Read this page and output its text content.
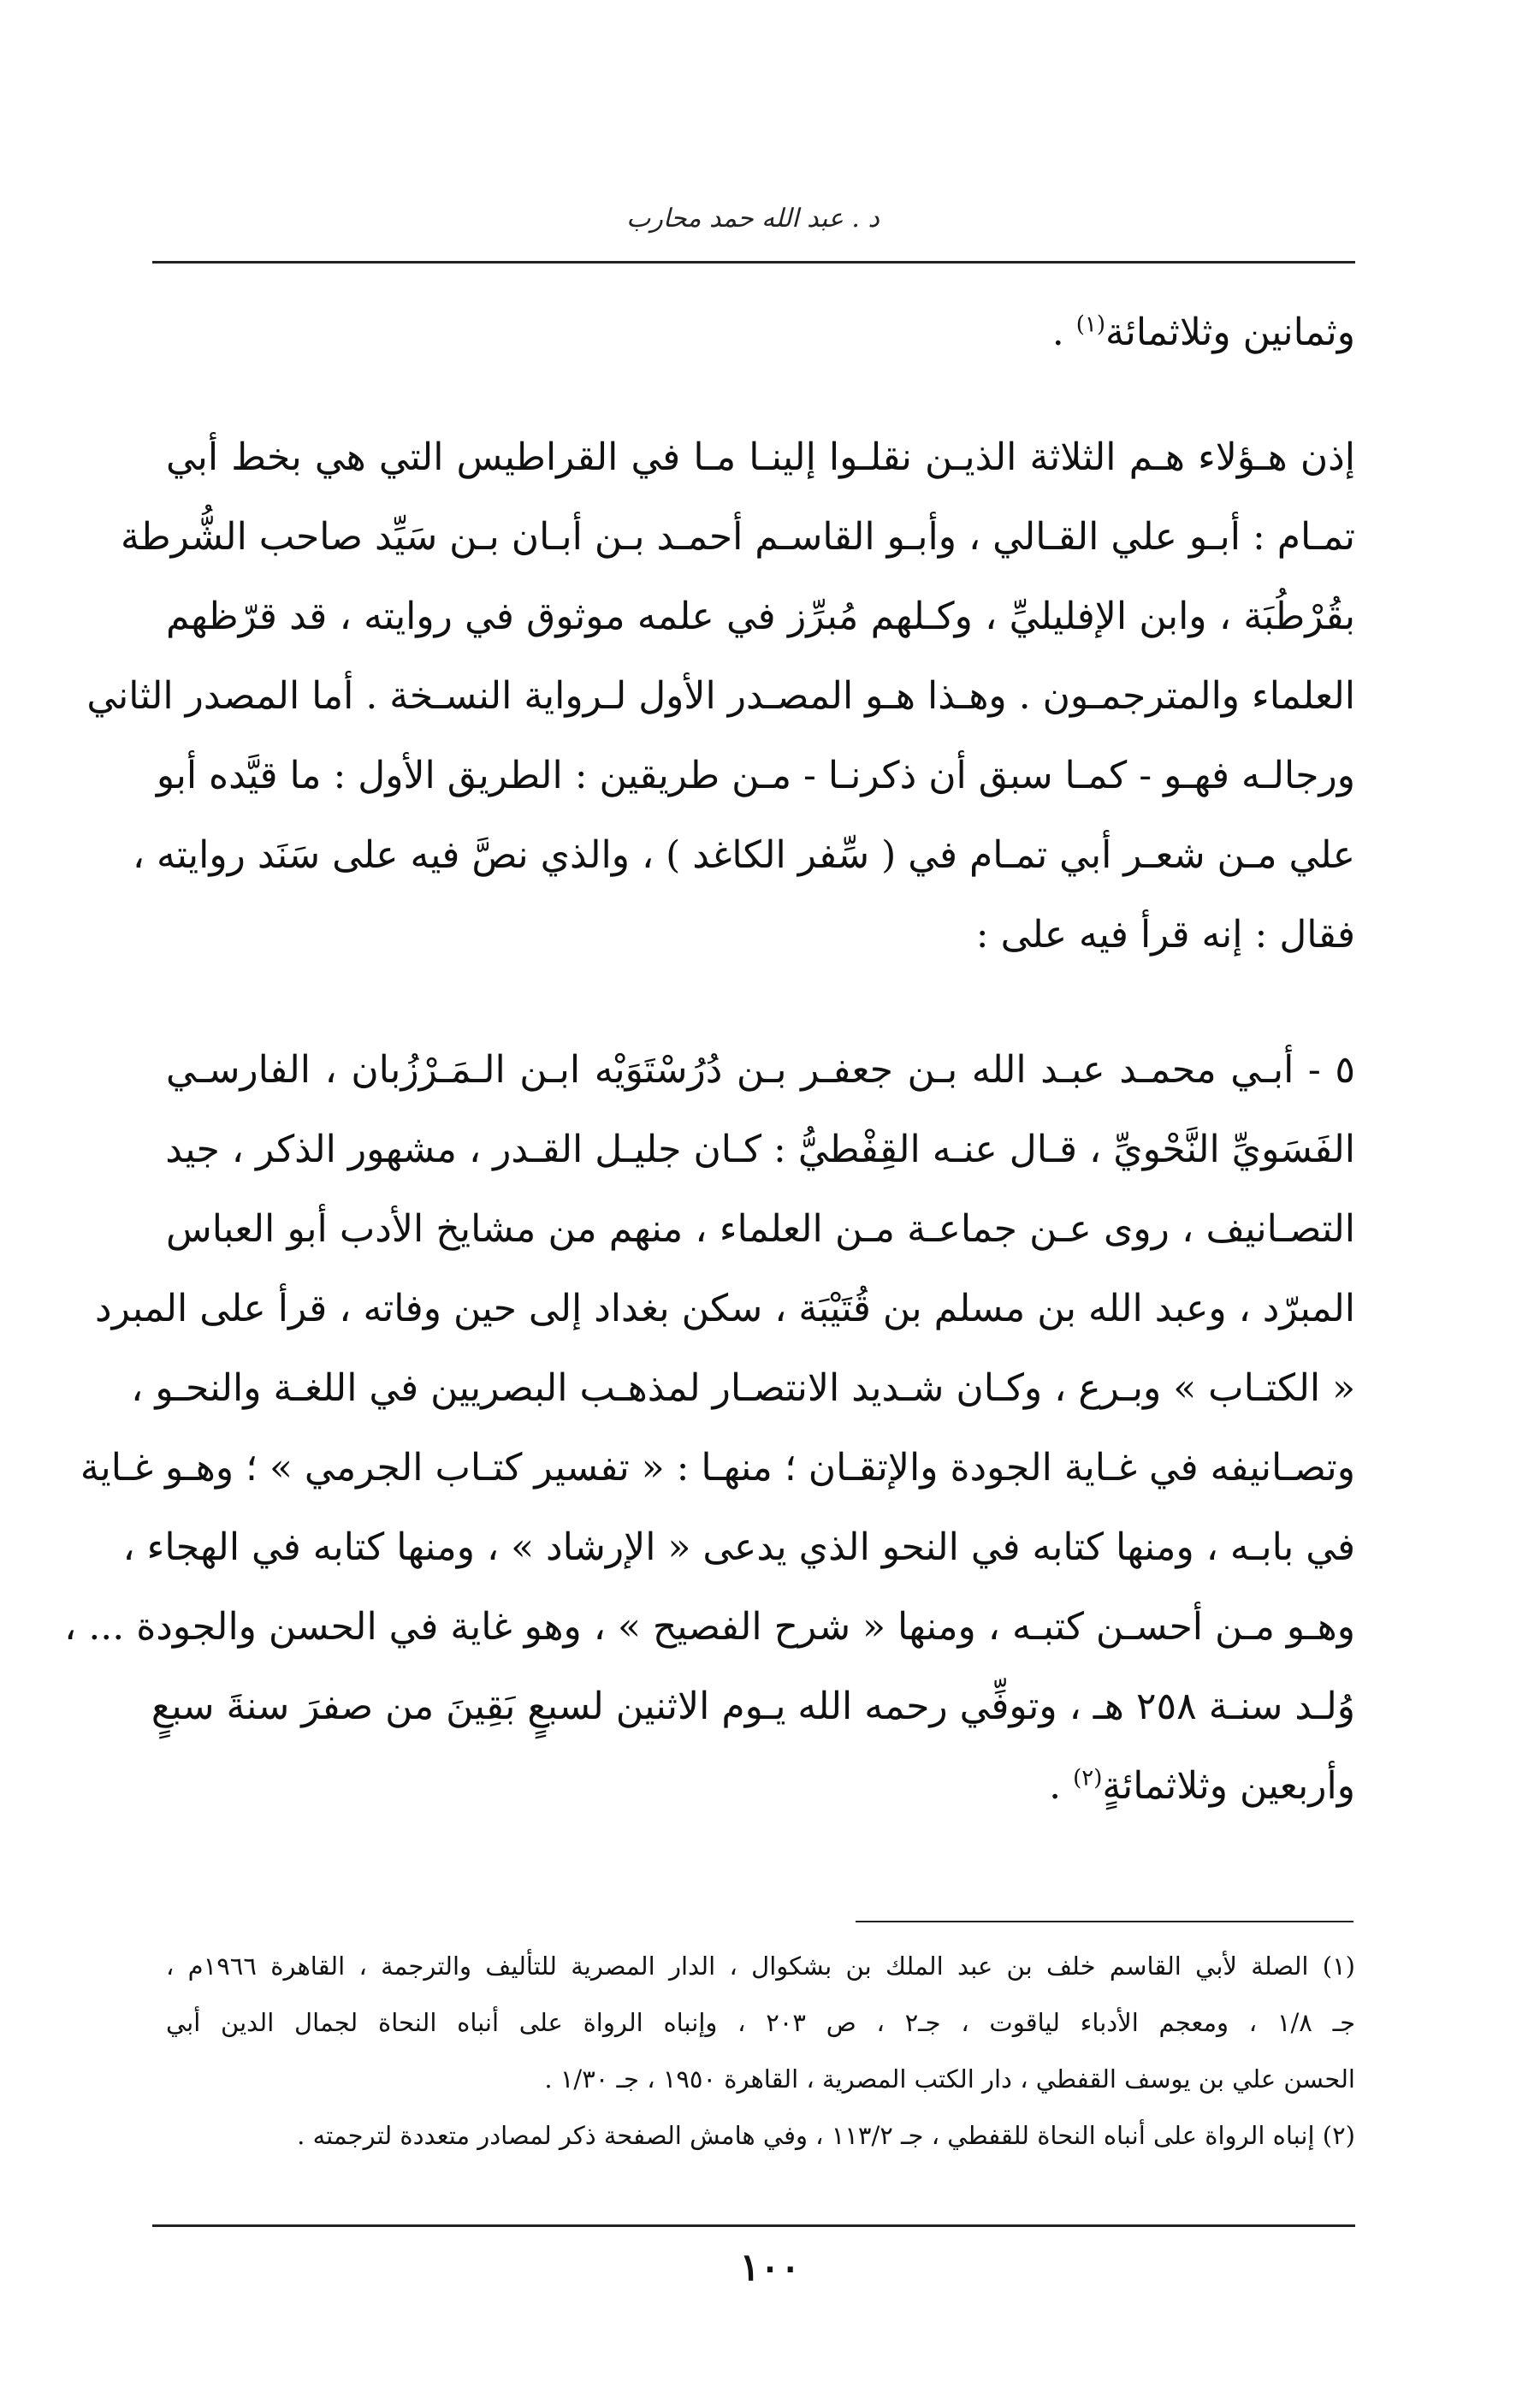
د . عبد الله حمد محارب
وثمانين وثلاثمائة$^{(١)}$ .
إذن هـؤلاء هـم الثلاثة الذيـن نقلـوا إلينـا مـا في القراطيس التي هي بخط أبي
تمـام : أبـو علي القـالي ، وأبـو القاسـم أحمـد بـن أبـان بـن سَيِّد صاحب الشُّرطة
بقُرْطُبَة ، وابن الإفليليِّ ، وكـلهم مُبرِّز في علمه موثوق في روايته ، قد قرّظهم
العلماء والمترجمـون . وهـذا هـو المصـدر الأول لـرواية النسـخة . أما المصدر الثاني
ورجالـه فهـو - كمـا سبق أن ذكرنـا - مـن طريقين : الطريق الأول : ما قيَّده أبو
علي مـن شعـر أبي تمـام في ( سِّفر الكاغد ) ، والذي نصَّ فيه على سَنَد روايته ،
فقال : إنه قرأ فيه على :
٥ - أبـي محمـد عبـد الله بـن جعفـر بـن دُرُسْتَوَيْه ابـن الـمَـرْزُبان ، الفارسـي
الفَسَويِّ النَّحْويِّ ، قـال عنـه القِفْطيُّ : كـان جليـل القـدر ، مشهور الذكر ، جيد
التصـانيف ، روى عـن جماعـة مـن العلماء ، منهم من مشايخ الأدب أبو العباس
المبرّد ، وعبد الله بن مسلم بن قُتَيْبَة ، سكن بغداد إلى حين وفاته ، قرأ على المبرد
« الكتـاب » وبـرع ، وكـان شـديد الانتصـار لمذهـب البصريين في اللغـة والنحـو ،
وتصـانيفه في غـاية الجودة والإتقـان ؛ منهـا : « تفسير كتـاب الجرمي » ؛ وهـو غـاية
في بابـه ، ومنها كتابه في النحو الذي يدعى « الإرشاد » ، ومنها كتابه في الهجاء ،
وهـو مـن أحسـن كتبـه ، ومنها « شرح الفصيح » ، وهو غاية في الحسن والجودة ... ،
وُلـد سنـة ٢٥٨ هـ ، وتوفِّي رحمه الله يـوم الاثنين لسبعٍ بَقِينَ من صفرَ سنةَ سبعٍ
وأربعين وثلاثمائةٍ$^{(٢)}$ .
(١) الصلة لأبي القاسم خلف بن عبد الملك بن بشكوال ، الدار المصرية للتأليف والترجمة ، القاهرة ١٩٦٦م ،
جـ ١/٨ ، ومعجم الأدباء لياقوت ، جـ٢ ، ص ٢٠٣ ، وإنباه الرواة على أنباه النحاة لجمال الدين أبي
الحسن علي بن يوسف القفطي ، دار الكتب المصرية ، القاهرة ١٩٥٠ ، جـ ١/٣٠ .
(٢) إنباه الرواة على أنباه النحاة للقفطي ، جـ ١١٣/٢ ، وفي هامش الصفحة ذكر لمصادر متعددة لترجمته .
١٠٠
